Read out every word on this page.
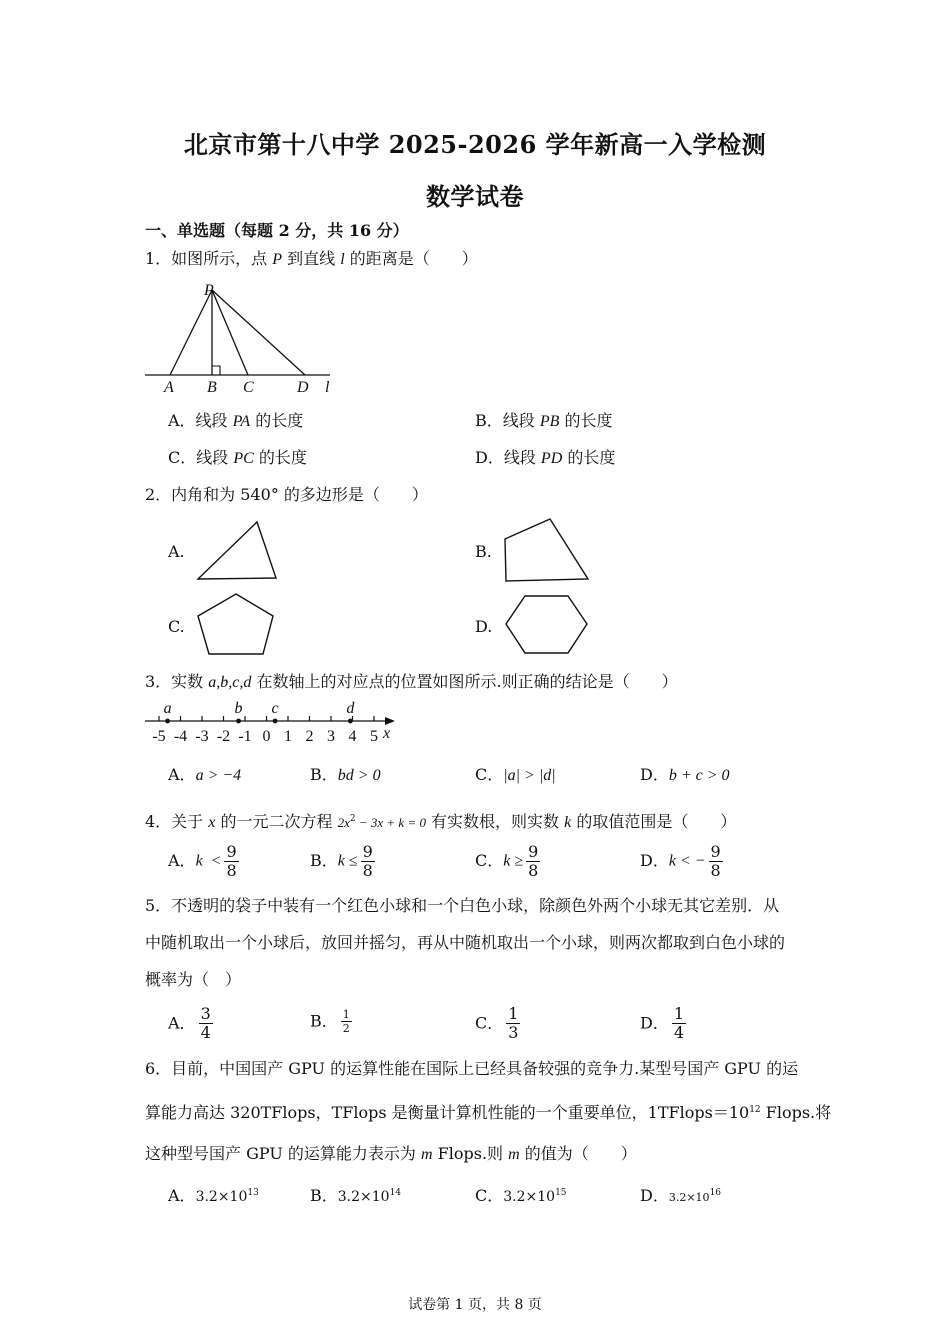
北京市第十八中学 2025-2026 学年新高一入学检测
数学试卷
一、单选题（每题 2 分，共 16 分）
1．如图所示，点 P 到直线 l 的距离是（　　）
P
A B C	D l
A．线段 PA 的长度	B．线段 PB 的长度
C．线段 PC 的长度	D．线段 PD 的长度
2．内角和为 540° 的多边形是（　　）
A.	B.
C.	D.
3．实数 a,b,c,d 在数轴上的对应点的位置如图所示.则正确的结论是（　　）
-5 -4 -3 -2 -1 0 1 2 3 4 5
a	b c	d
x
A．a > −4	B．bd > 0	C．|a| > |d|	D．b + c > 0
4．关于 x 的一元二次方程 $2x^2 - 3x + k = 0$ 有实数根，则实数 k 的取值范围是（　　）
A．$k < \frac{9}{8}$	B．$k \le \frac{9}{8}$	C．$k \ge \frac{9}{8}$	D．k < − $\frac{9}{8}$
5．不透明的袋子中装有一个红色小球和一个白色小球，除颜色外两个小球无其它差别．从
中随机取出一个小球后，放回并摇匀，再从中随机取出一个小球，则两次都取到白色小球的
概率为（　）
A． $\frac{3}{4}$	B． $\frac{1}{2}$	C． $\frac{1}{3}$	D． $\frac{1}{4}$
6．目前，中国国产 GPU 的运算性能在国际上已经具备较强的竞争力.某型号国产 GPU 的运
算能力高达 320TFlops，TFlops 是衡量计算机性能的一个重要单位，$1TFlops=10^{12}$ Flops.将
这种型号国产 GPU 的运算能力表示为 m Flops.则 m 的值为（　　）
A．$3.2\times 10^{13}$	B．$3.2\times 10^{14}$	C．$3.2\times 10^{15}$	D．$3.2\times 10^{16}$
试卷第 1 页，共 8 页
